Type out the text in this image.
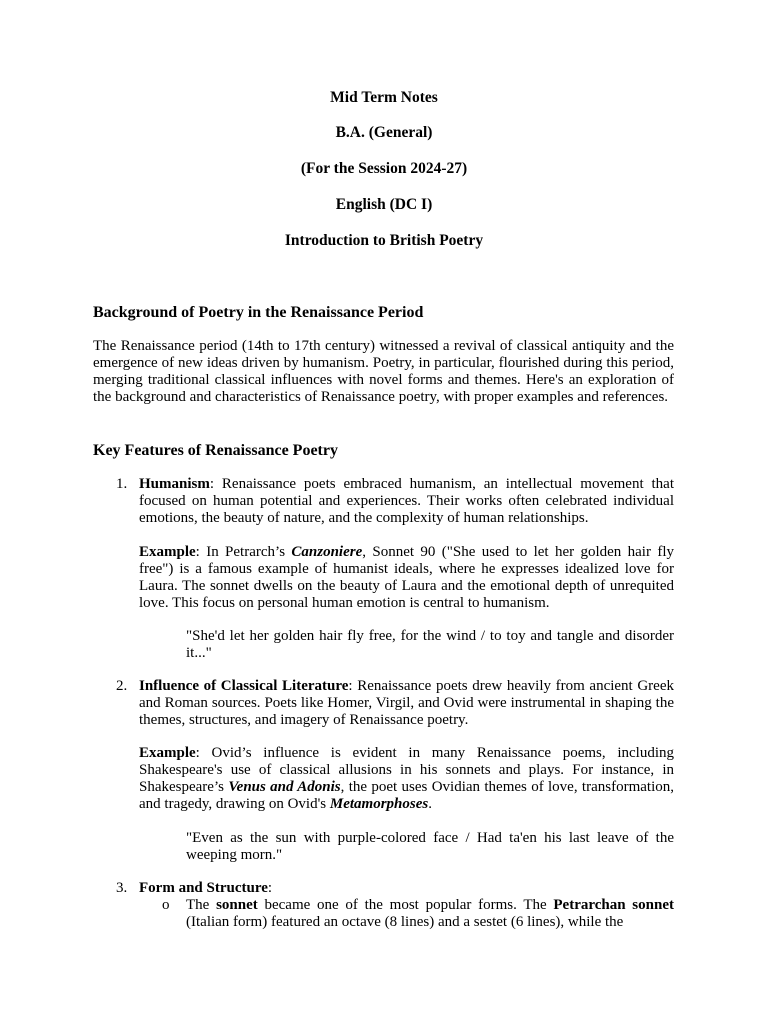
Mid Term Notes
B.A. (General)
(For the Session 2024-27)
English (DC I)
Introduction to British Poetry
Background of Poetry in the Renaissance Period
The Renaissance period (14th to 17th century) witnessed a revival of classical antiquity and the emergence of new ideas driven by humanism. Poetry, in particular, flourished during this period, merging traditional classical influences with novel forms and themes. Here's an exploration of the background and characteristics of Renaissance poetry, with proper examples and references.
Key Features of Renaissance Poetry
1. Humanism: Renaissance poets embraced humanism, an intellectual movement that focused on human potential and experiences. Their works often celebrated individual emotions, the beauty of nature, and the complexity of human relationships.
Example: In Petrarch’s Canzoniere, Sonnet 90 ("She used to let her golden hair fly free") is a famous example of humanist ideals, where he expresses idealized love for Laura. The sonnet dwells on the beauty of Laura and the emotional depth of unrequited love. This focus on personal human emotion is central to humanism.
"She'd let her golden hair fly free, for the wind / to toy and tangle and disorder it..."
2. Influence of Classical Literature: Renaissance poets drew heavily from ancient Greek and Roman sources. Poets like Homer, Virgil, and Ovid were instrumental in shaping the themes, structures, and imagery of Renaissance poetry.
Example: Ovid’s influence is evident in many Renaissance poems, including Shakespeare's use of classical allusions in his sonnets and plays. For instance, in Shakespeare’s Venus and Adonis, the poet uses Ovidian themes of love, transformation, and tragedy, drawing on Ovid's Metamorphoses.
"Even as the sun with purple-colored face / Had ta'en his last leave of the weeping morn."
3. Form and Structure:
o The sonnet became one of the most popular forms. The Petrarchan sonnet (Italian form) featured an octave (8 lines) and a sestet (6 lines), while the
